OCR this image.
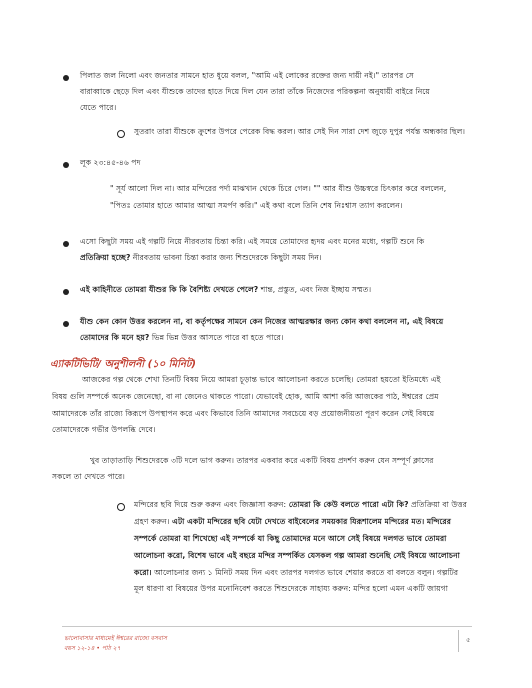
পিলাত জল নিলো এবং জনতার সামনে হাত ধুয়ে বলল, "আমি এই লোকের রক্তের জন্য দায়ী নই।" তারপর সে
বারাব্বাকে ছেড়ে দিল এবং যীশুকে তাদের হাতে দিয়ে দিল যেন তারা তাঁকে নিজেদের পরিকল্পনা অনুযায়ী বাইরে নিয়ে
যেতে পারে।
সুতরাং তারা যীশুকে ক্রুশের উপরে পেরেক বিদ্ধ করল। আর সেই দিন সারা দেশ জুড়ে দুপুর পর্যন্ত অন্ধকার ছিল।
লূক ২৩:৪৫-৪৬ পদ
" সূর্য আলো দিল না। আর মন্দিরের পর্দা মাঝখান থেকে চিরে গেল। "" আর যীশু উচ্চস্বরে চিৎকার করে বললেন,
"পিতঃ তোমার হাতে আমার আত্মা সমর্পণ করি।" এই কথা বলে তিনি শেষ নিঃশ্বাস ত্যাগ করলেন।
এসো কিছুটা সময় এই গল্পটি নিয়ে নীরবতায় চিন্তা করি। এই সময়ে তোমাদের হৃদয় এবং মনের মধ্যে, গল্পটি শুনে কি
প্রতিক্রিয়া হচ্ছে? নীরবতায় ভাবনা চিন্তা করার জন্য শিশুদেরকে কিছুটা সময় দিন।
এই কাহিনীতে তোমরা যীশুর কি কি বৈশিষ্ট্য দেখতে পেলে? শান্ত, প্রস্তুত, এবং নিজ ইচ্ছায় সম্মত।
যীশু কেন কোন উত্তর করলেন না, বা কর্তৃপক্ষের সামনে কেন নিজের আত্মরক্ষার জন্য কোন কথা বললেন না, এই বিষয়ে
তোমাদের কি মনে হয়? ভিন্ন ভিন্ন উত্তর আসতে পারে বা হতে পারে।
এ্যাকটিভিটি/ অনুশীলনী (১০ মিনিট)
আজকের গল্প থেকে শেখা তিনটি বিষয় নিয়ে আমরা চূড়ান্ত ভাবে আলোচনা করতে চলেছি। তোমরা হয়তো ইতিমধ্যে এই
বিষয় গুলি সম্পর্কে অনেক জেনেছো, বা না জেনেও থাকতে পারো। যেভাবেই হোক, আমি আশা করি আজকের পাঠ, ঈশ্বরের প্রেম
আমাদেরকে তাঁর রাজ্যে কিরূপে উপস্থাপন করে এবং কিভাবে তিনি আমাদের সবচেয়ে বড় প্রয়োজনীয়তা পূরণ করেন সেই বিষয়ে
তোমাদেরকে গভীর উপলব্ধি দেবে।
খুব তাড়াতাড়ি শিশুদেরকে ৩টি দলে ভাগ করুন। তারপর একবার করে একটি বিষয় প্রদর্শণ করুন যেন সম্পূর্ণ ক্লাসের
সকলে তা দেখতে পারে।
মন্দিরের ছবি দিয়ে শুরু করুন এবং জিজ্ঞাসা করুন: তোমরা কি কেউ বলতে পারো এটা কি? প্রতিক্রিয়া বা উত্তর
গ্রহণ করুন। এটা একটা মন্দিরের ছবি যেটা দেখতে বাইবেলের সময়কার যিরূশালেম মন্দিরের মত। মন্দিরের
সম্পর্কে তোমরা যা শিখেছো এই সম্পর্কে যা কিছু তোমাদের মনে আসে সেই বিষয়ে দলগত ভাবে তোমরা
আলোচনা করো, বিশেষ ভাবে এই বছরে মন্দির সম্পর্কিত যেসকল গল্প আমরা শুনেছি সেই বিষয়ে আলোচনা
করো। আলোচনার জন্য ১ মিনিট সময় দিন এবং তারপর দলগত ভাবে শেয়ার করতে বা বলতে বলুন। গল্পটির
মূল ধারণা বা বিষয়ের উপর মনোনিবেশ করতে শিশুদেরকে সাহায্য করুন: মন্দির হলো এমন একটি জায়গা
ভালোবাসার মাধ্যমেই ঈশ্বরের রাজ্যে বসবাস
বয়স ১২-১৪ • পাঠ ২৭
৫
